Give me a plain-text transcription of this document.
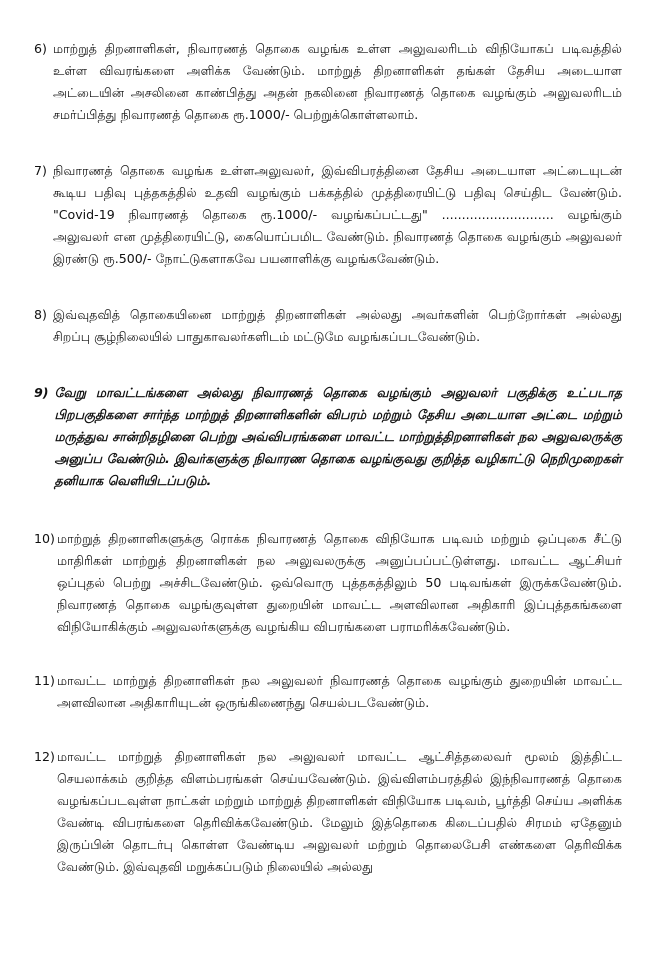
6) மாற்றுத் திறனாளிகள், நிவாரணத் தொகை வழங்க உள்ள அலுவலரிடம் விநியோகப் படிவத்தில் உள்ள விவரங்களை அளிக்க வேண்டும். மாற்றுத் திறனாளிகள் தங்கள் தேசிய அடையாள அட்டையின் அசலினை காண்பித்து அதன் நகலினை நிவாரணத் தொகை வழங்கும் அலுவலரிடம் சமர்ப்பித்து நிவாரணத் தொகை ரூ.1000/- பெற்றுக்கொள்ளலாம்.
7) நிவாரணத் தொகை வழங்க உள்ளஅலுவலர், இவ்விபரத்தினை தேசிய அடையாள அட்டையுடன் கூடிய பதிவு புத்தகத்தில் உதவி வழங்கும் பக்கத்தில் முத்திரையிட்டு பதிவு செய்திட வேண்டும். "Covid-19 நிவாரணத் தொகை ரூ.1000/- வழங்கப்பட்டது" ............................ வழங்கும் அலுவலர் என முத்திரையிட்டு, கையொப்பமிட வேண்டும். நிவாரணத் தொகை வழங்கும் அலுவலர் இரண்டு ரூ.500/- நோட்டுகளாகவே பயனாளிக்கு வழங்கவேண்டும்.
8) இவ்வுதவித் தொகையினை மாற்றுத் திறனாளிகள் அல்லது அவர்களின் பெற்றோர்கள் அல்லது சிறப்பு சூழ்நிலையில் பாதுகாவலர்களிடம் மட்டுமே வழங்கப்படவேண்டும்.
9) வேறு மாவட்டங்களை அல்லது நிவாரணத் தொகை வழங்கும் அலுவலர் பகுதிக்கு உட்படாத பிறபகுதிகளை சார்ந்த மாற்றுத் திறனாளிகளின் விபரம் மற்றும் தேசிய அடையாள அட்டை மற்றும் மருத்துவ சான்றிதழினை பெற்று அவ்விபரங்களை மாவட்ட மாற்றுத்திறனாளிகள் நல அலுவலருக்கு அனுப்ப வேண்டும். இவர்களுக்கு நிவாரண தொகை வழங்குவது குறித்த வழிகாட்டு நெறிமுறைகள் தனியாக வெளியிடப்படும்.
10) மாற்றுத் திறனாளிகளுக்கு ரொக்க நிவாரணத் தொகை விநியோக படிவம் மற்றும் ஒப்புகை சீட்டு மாதிரிகள் மாற்றுத் திறனாளிகள் நல அலுவலருக்கு அனுப்பப்பட்டுள்ளது. மாவட்ட ஆட்சியர் ஒப்புதல் பெற்று அச்சிடவேண்டும். ஒவ்வொரு புத்தகத்திலும் 50 படிவங்கள் இருக்கவேண்டும். நிவாரணத் தொகை வழங்குவுள்ள துறையின் மாவட்ட அளவிலான அதிகாரி இப்புத்தகங்களை விநியோகிக்கும் அலுவலர்களுக்கு வழங்கிய விபரங்களை பராமரிக்கவேண்டும்.
11) மாவட்ட மாற்றுத் திறனாளிகள் நல அலுவலர் நிவாரணத் தொகை வழங்கும் துறையின் மாவட்ட அளவிலான அதிகாரியுடன் ஒருங்கிணைந்து செயல்படவேண்டும்.
12) மாவட்ட மாற்றுத் திறனாளிகள் நல அலுவலர் மாவட்ட ஆட்சித்தலைவர் மூலம் இத்திட்ட செயலாக்கம் குறித்த விளம்பரங்கள் செய்யவேண்டும். இவ்விளம்பரத்தில் இந்நிவாரணத் தொகை வழங்கப்படவுள்ள நாட்கள் மற்றும் மாற்றுத் திறனாளிகள் விநியோக படிவம், பூர்த்தி செய்ய அளிக்க வேண்டி விபரங்களை தெரிவிக்கவேண்டும். மேலும் இத்தொகை கிடைப்பதில் சிரமம் ஏதேனும் இருப்பின் தொடர்பு கொள்ள வேண்டிய அலுவலர் மற்றும் தொலைபேசி எண்களை தெரிவிக்க வேண்டும். இவ்வுதவி மறுக்கப்படும் நிலையில் அல்லது
